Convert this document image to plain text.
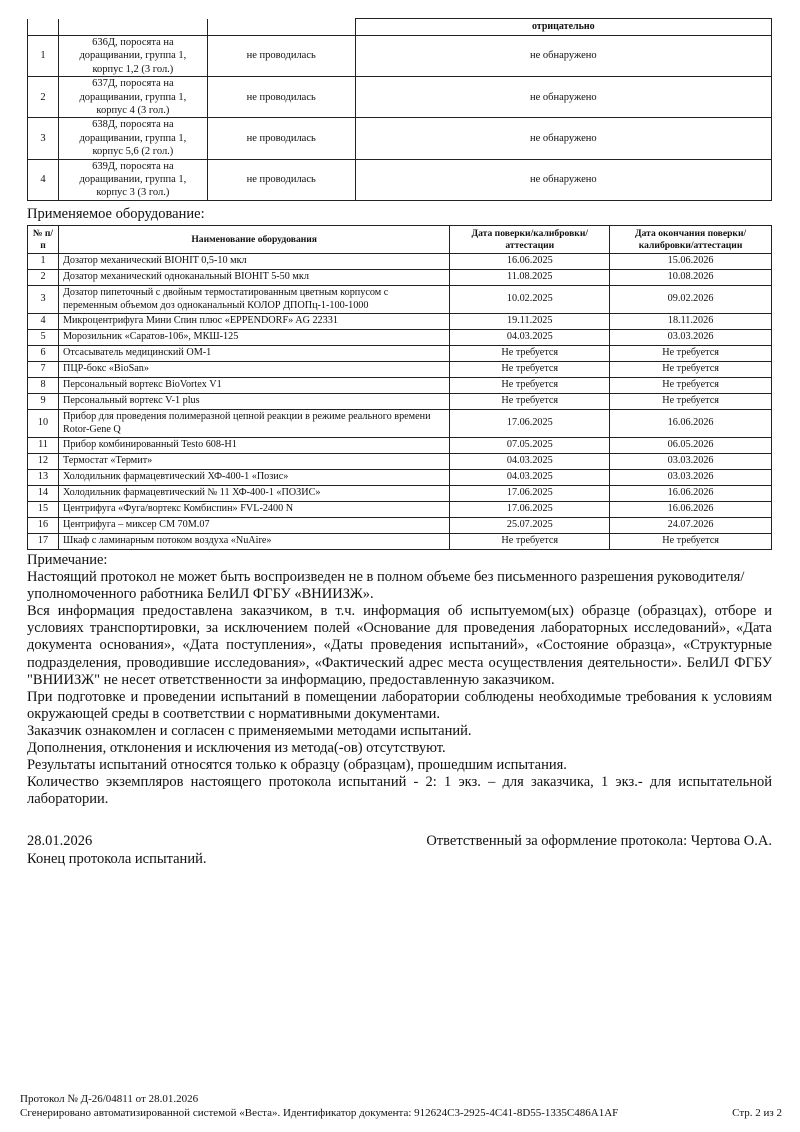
			отрицательно
1	636Д, поросята на доращивании, группа 1, корпус 1,2 (3 гол.)	не проводилась	не обнаружено
2	637Д, поросята на доращивании, группа 1, корпус 4 (3 гол.)	не проводилась	не обнаружено
3	638Д, поросята на доращивании, группа 1, корпус 5,6 (2 гол.)	не проводилась	не обнаружено
4	639Д, поросята на доращивании, группа 1, корпус 3 (3 гол.)	не проводилась	не обнаружено
Применяемое оборудование:
№ п/п	Наименование оборудования	Дата поверки/калибровки/аттестации	Дата окончания поверки/калибровки/аттестации
1	Дозатор механический BIOHIT 0,5-10 мкл	16.06.2025	15.06.2026
2	Дозатор механический одноканальный BIOHIT 5-50 мкл	11.08.2025	10.08.2026
3	Дозатор пипеточный с двойным термостатированным цветным корпусом с переменным объемом доз одноканальный КОЛОР ДПОПц-1-100-1000	10.02.2025	09.02.2026
4	Микроцентрифуга Мини Спин плюс «EPPENDORF» AG 22331	19.11.2025	18.11.2026
5	Морозильник «Саратов-106», МКШ-125	04.03.2025	03.03.2026
6	Отсасыватель медицинский ОМ-1	Не требуется	Не требуется
7	ПЦР-бокс «BioSan»	Не требуется	Не требуется
8	Персональный вортекс BioVortex V1	Не требуется	Не требуется
9	Персональный вортекс V-1 plus	Не требуется	Не требуется
10	Прибор для проведения полимеразной цепной реакции в режиме реального времени Rotor-Gene Q	17.06.2025	16.06.2026
11	Прибор комбинированный Testo 608-H1	07.05.2025	06.05.2026
12	Термостат «Термит»	04.03.2025	03.03.2026
13	Холодильник фармацевтический ХФ-400-1 «Позис»	04.03.2025	03.03.2026
14	Холодильник фармацевтический № 11 ХФ-400-1 «ПОЗИС»	17.06.2025	16.06.2026
15	Центрифуга «Фуга/вортекс Комбиспин» FVL-2400 N	17.06.2025	16.06.2026
16	Центрифуга – миксер CM 70M.07	25.07.2025	24.07.2026
17	Шкаф с ламинарным потоком воздуха «NuAire»	Не требуется	Не требуется

Примечание:

Настоящий протокол не может быть воспроизведен не в полном объеме без письменного разрешения руководителя/уполномоченного работника БелИЛ ФГБУ «ВНИИЗЖ».

Вся информация предоставлена заказчиком, в т.ч. информация об испытуемом(ых) образце (образцах), отборе и условиях транспортировки, за исключением полей «Основание для проведения лабораторных исследований», «Дата документа основания», «Дата поступления», «Даты проведения испытаний», «Состояние образца», «Структурные подразделения, проводившие исследования», «Фактический адрес места осуществления деятельности». БелИЛ ФГБУ "ВНИИЗЖ" не несет ответственности за информацию, предоставленную заказчиком.

При подготовке и проведении испытаний в помещении лаборатории соблюдены необходимые требования к условиям окружающей среды в соответствии с нормативными документами.

Заказчик ознакомлен и согласен с применяемыми методами испытаний.

Дополнения, отклонения и исключения из метода(-ов) отсутствуют.

Результаты испытаний относятся только к образцу (образцам), прошедшим испытания.

Количество экземпляров настоящего протокола испытаний - 2: 1 экз. – для заказчика, 1 экз.- для испытательной лаборатории.

28.01.2026	Ответственный за оформление протокола: Чертова О.А.
Конец протокола испытаний.
Протокол № Д-26/04811 от 28.01.2026
Сгенерировано автоматизированной системой «Веста». Идентификатор документа: 912624C3-2925-4C41-8D55-1335C486A1AF	Стр. 2 из 2
